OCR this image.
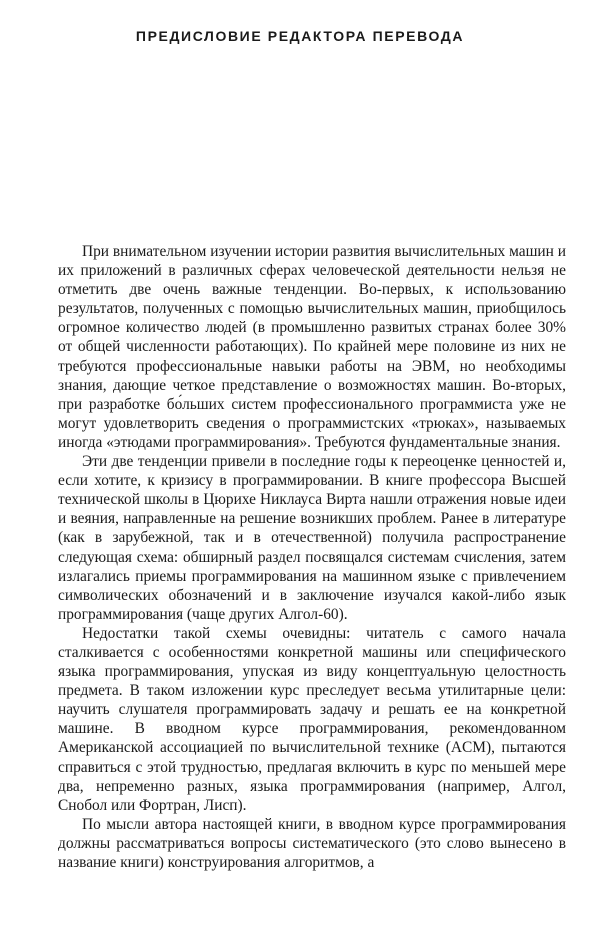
ПРЕДИСЛОВИЕ РЕДАКТОРА ПЕРЕВОДА

При внимательном изучении истории развития вычислительных машин и их приложений в различных сферах человеческой деятельности нельзя не отметить две очень важные тенденции. Во-первых, к использованию результатов, полученных с помощью вычислительных машин, приобщилось огромное количество людей (в промышленно развитых странах более 30% от общей численности работающих). По крайней мере половине из них не требуются профессиональные навыки работы на ЭВМ, но необходимы знания, дающие четкое представление о возможностях машин. Во-вторых, при разработке бо́льших систем профессионального программиста уже не могут удовлетворить сведения о программистских «трюках», называемых иногда «этюдами программирования». Требуются фундаментальные знания.

Эти две тенденции привели в последние годы к переоценке ценностей и, если хотите, к кризису в программировании. В книге профессора Высшей технической школы в Цюрихе Никлауса Вирта нашли отражения новые идеи и веяния, направленные на решение возникших проблем. Ранее в литературе (как в зарубежной, так и в отечественной) получила распространение следующая схема: обширный раздел посвящался системам счисления, затем излагались приемы программирования на машинном языке с привлечением символических обозначений и в заключение изучался какой-либо язык программирования (чаще других Алгол-60).

Недостатки такой схемы очевидны: читатель с самого начала сталкивается с особенностями конкретной машины или специфического языка программирования, упуская из виду концептуальную целостность предмета. В таком изложении курс преследует весьма утилитарные цели: научить слушателя программировать задачу и решать ее на конкретной машине. В вводном курсе программирования, рекомендованном Американской ассоциацией по вычислительной технике (ACM), пытаются справиться с этой трудностью, предлагая включить в курс по меньшей мере два, непременно разных, языка программирования (например, Алгол, Снобол или Фортран, Лисп).

По мысли автора настоящей книги, в вводном курсе программирования должны рассматриваться вопросы систематического (это слово вынесено в название книги) конструирования алгоритмов, а
